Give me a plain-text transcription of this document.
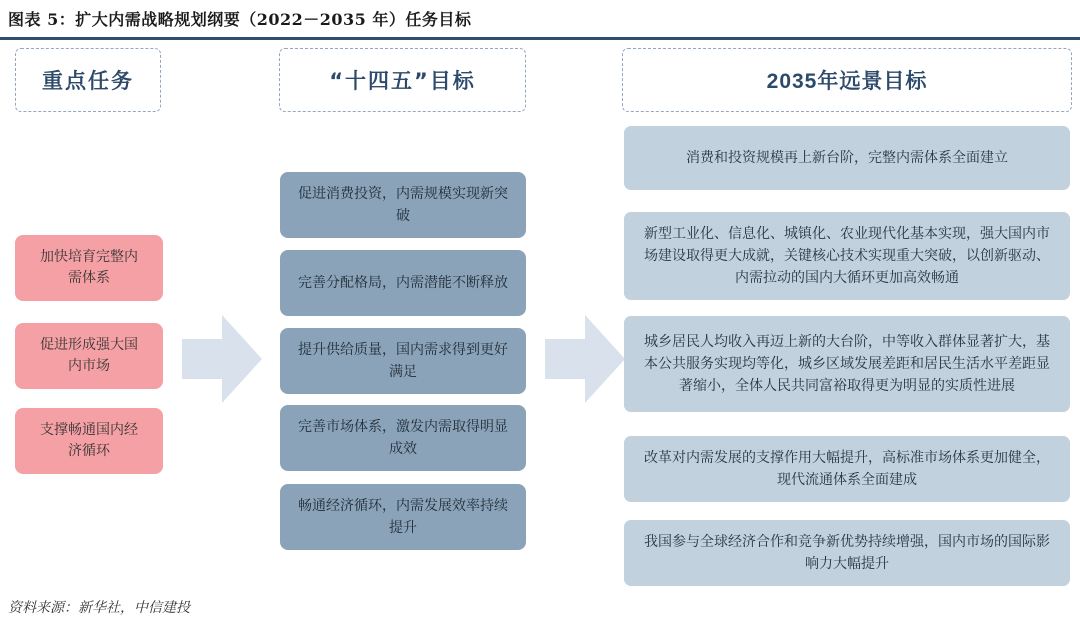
图表 5：扩大内需战略规划纲要（2022－2035 年）任务目标
重点任务	“十四五”目标	2035年远景目标
加快培育完整内需体系
促进形成强大国内市场
支撑畅通国内经济循环
促进消费投资，内需规模实现新突破
完善分配格局，内需潜能不断释放
提升供给质量，国内需求得到更好满足
完善市场体系，激发内需取得明显成效
畅通经济循环，内需发展效率持续提升
消费和投资规模再上新台阶，完整内需体系全面建立
新型工业化、信息化、城镇化、农业现代化基本实现，强大国内市场建设取得更大成就，关键核心技术实现重大突破，以创新驱动、内需拉动的国内大循环更加高效畅通
城乡居民人均收入再迈上新的大台阶，中等收入群体显著扩大，基本公共服务实现均等化，城乡区域发展差距和居民生活水平差距显著缩小，全体人民共同富裕取得更为明显的实质性进展
改革对内需发展的支撑作用大幅提升，高标准市场体系更加健全，现代流通体系全面建成
我国参与全球经济合作和竞争新优势持续增强，国内市场的国际影响力大幅提升
资料来源：新华社，中信建投
